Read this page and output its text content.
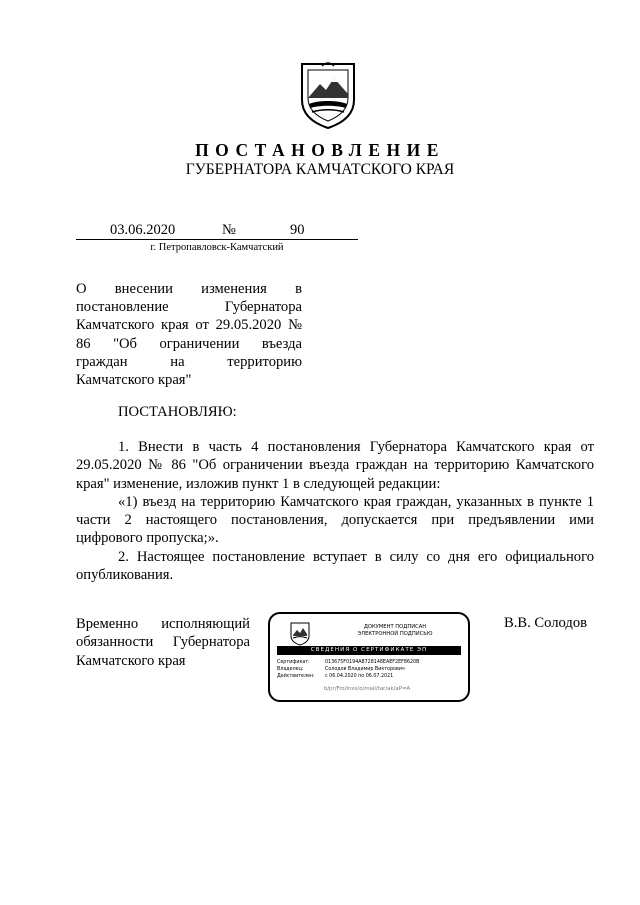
ПОСТАНОВЛЕНИЕ
ГУБЕРНАТОРА КАМЧАТСКОГО КРАЯ
03.06.2020	№	90
г. Петропавловск-Камчатский
О внесении изменения в
постановление Губернатора
Камчатского края от 29.05.2020 №
86 "Об ограничении въезда
граждан на территорию
Камчатского края"
ПОСТАНОВЛЯЮ:
1. Внести в часть 4 постановления Губернатора Камчатского края от
29.05.2020 № 86 "Об ограничении въезда граждан на территорию Камчатского
края" изменение, изложив пункт 1 в следующей редакции:
«1) въезд на территорию Камчатского края граждан, указанных в пункте 1
части 2 настоящего постановления, допускается при предъявлении ими
цифрового пропуска;».
2. Настоящее постановление вступает в силу со дня его официального
опубликования.
Временно исполняющий
обязанности Губернатора
Камчатского края
ДОКУМЕНТ ПОДПИСАН
ЭЛЕКТРОННОЙ ПОДПИСЬЮ
СВЕДЕНИЯ О СЕРТИФИКАТЕ ЭП
Сертификат:	013675F0194A8728148EAEF2EF8620B
Владелец:	Солодов Владимир Викторович
Действителен: с 06.04.2020 по 06.07.2021
b/pr/Fro/Insx/o/mail/tar/ak/aP=A
В.В. Солодов
